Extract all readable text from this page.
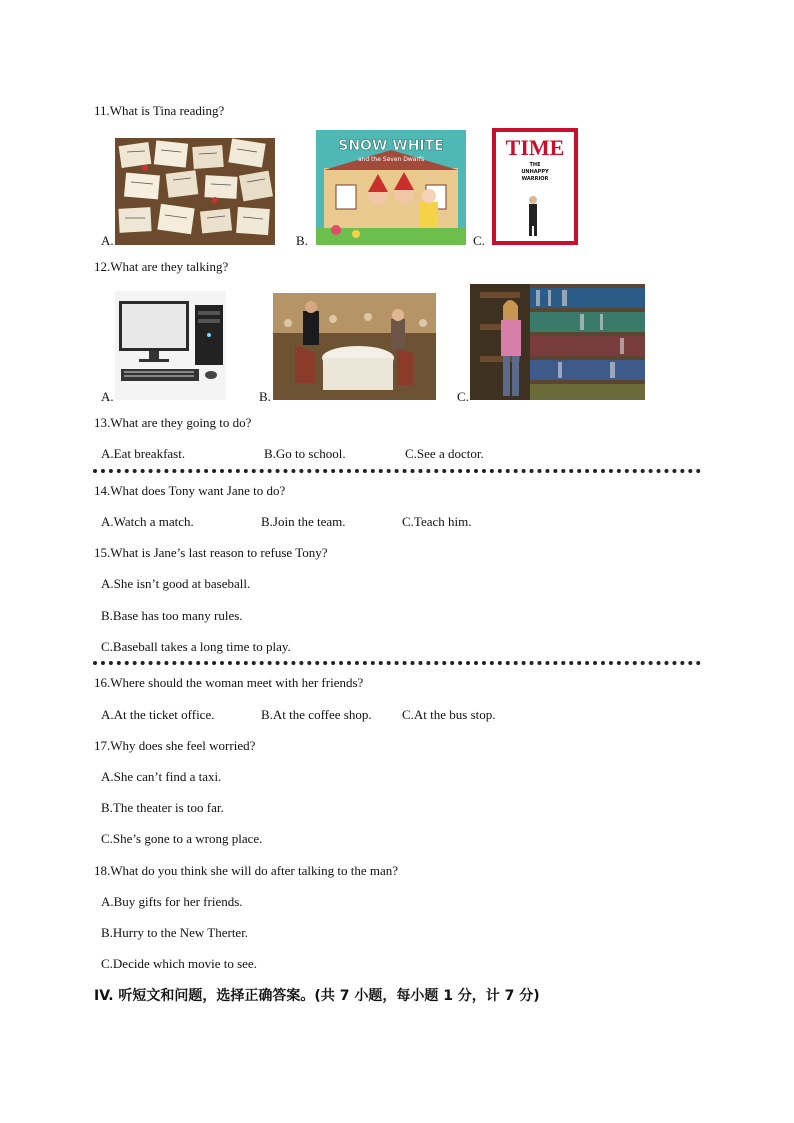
11.What is Tina reading?
A.	B.
SNOW WHITE
and the Seven Dwarfs
C.
TIME
THE
UNHAPPY
WARRIOR
12.What are they talking?
A.	B.	C.
13.What are they going to do?
A.Eat breakfast.	B.Go to school.	C.See a doctor.
14.What does Tony want Jane to do?
A.Watch a match.	B.Join the team.	C.Teach him.
15.What is Jane’s last reason to refuse Tony?
A.She isn’t good at baseball.
B.Base has too many rules.
C.Baseball takes a long time to play.
16.Where should the woman meet with her friends?
A.At the ticket office.	B.At the coffee shop. C.At the bus stop.
17.Why does she feel worried?
A.She can’t find a taxi.
B.The theater is too far.
C.She’s gone to a wrong place.
18.What do you think she will do after talking to the man?
A.Buy gifts for her friends.
B.Hurry to the New Therter.
C.Decide which movie to see.
IV. 听短文和问题，选择正确答案。(共 7 小题，每小题 1 分，计 7 分)
